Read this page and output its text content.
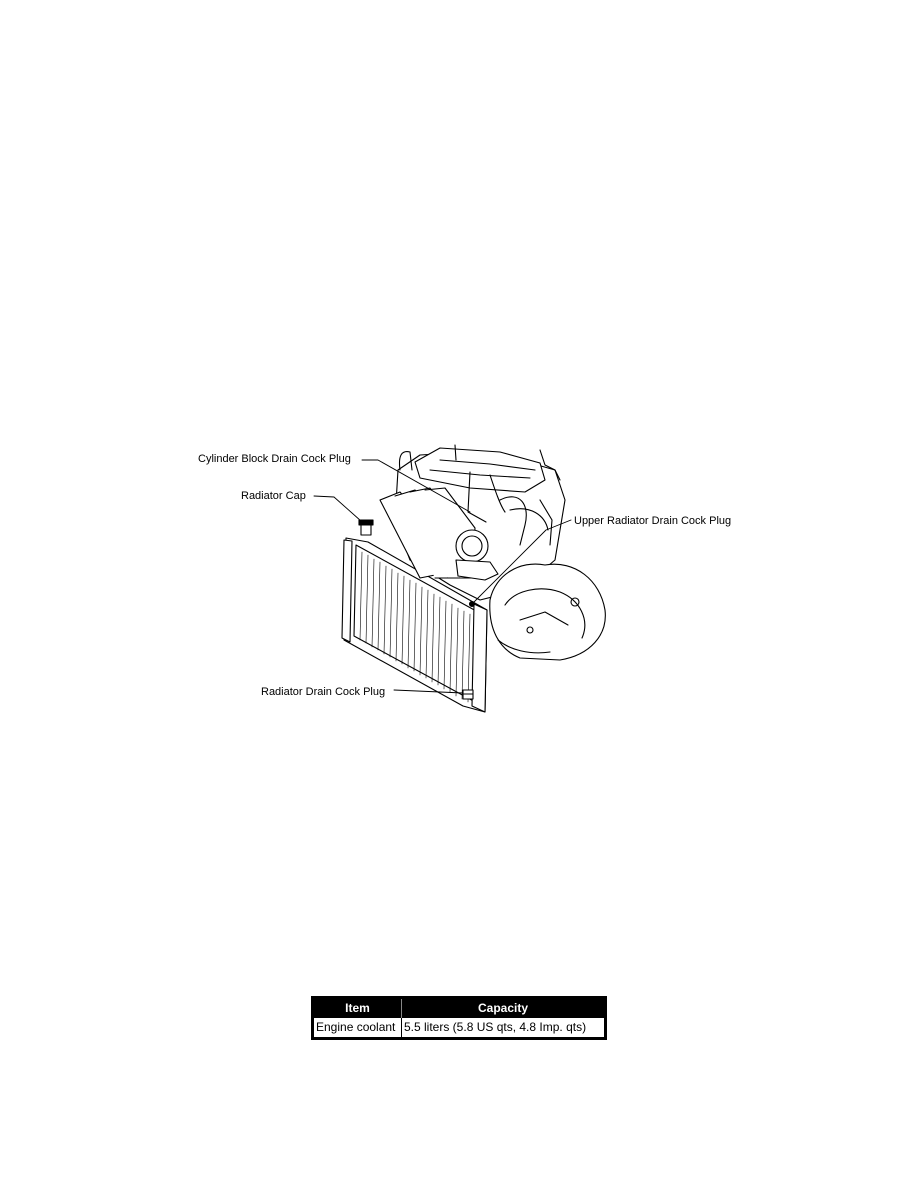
Cylinder Block Drain Cock Plug
Radiator Cap
Upper Radiator Drain Cock Plug
Radiator Drain Cock Plug
Item	Capacity
Engine coolant	5.5 liters (5.8 US qts, 4.8 Imp. qts)
